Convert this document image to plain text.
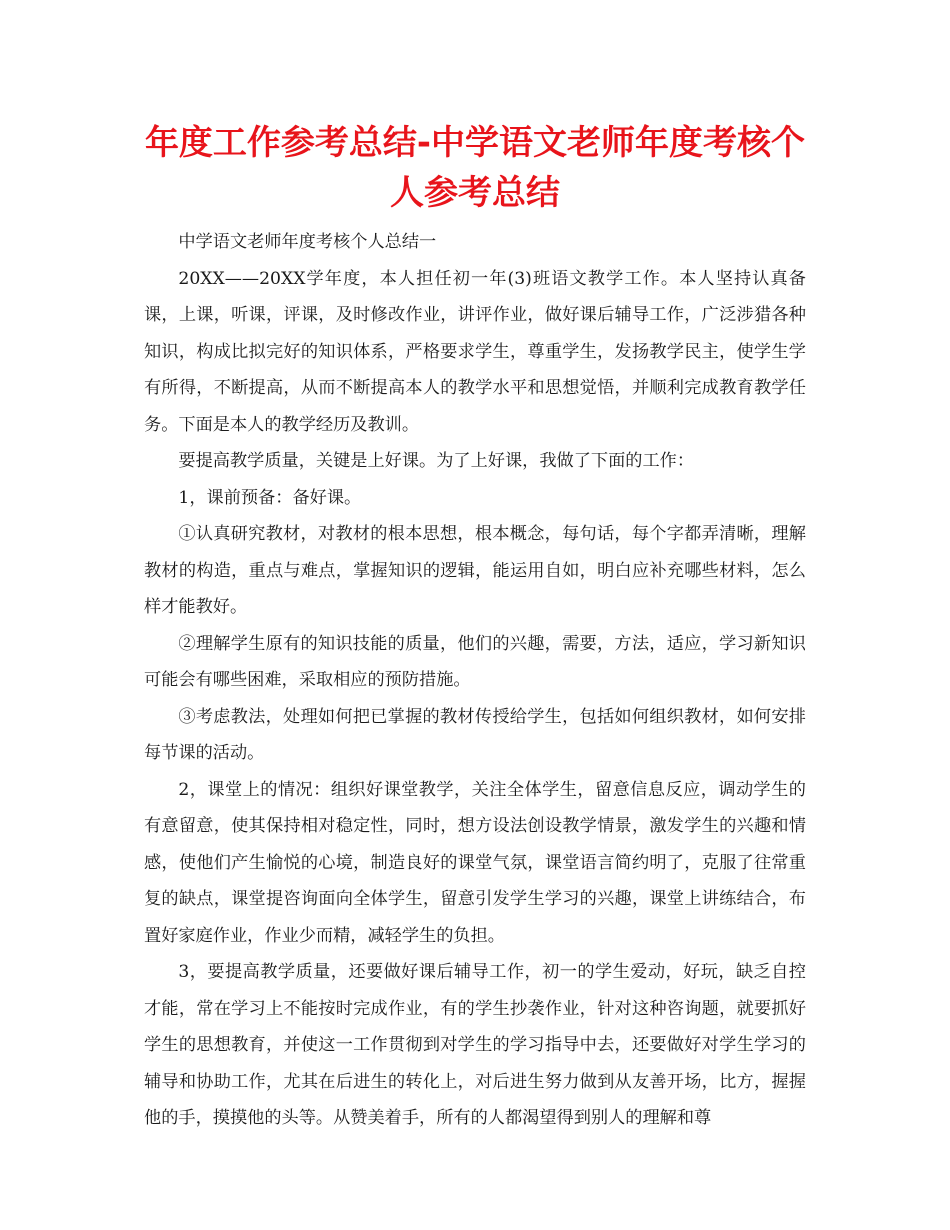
年度工作参考总结-中学语文老师年度考核个人参考总结

中学语文老师年度考核个人总结一

20XX——20XX学年度，本人担任初一年(3)班语文教学工作。本人坚持认真备课，上课，听课，评课，及时修改作业，讲评作业，做好课后辅导工作，广泛涉猎各种知识，构成比拟完好的知识体系，严格要求学生，尊重学生，发扬教学民主，使学生学有所得，不断提高，从而不断提高本人的教学水平和思想觉悟，并顺利完成教育教学任务。下面是本人的教学经历及教训。

要提高教学质量，关键是上好课。为了上好课，我做了下面的工作：

1，课前预备：备好课。

①认真研究教材，对教材的根本思想，根本概念，每句话，每个字都弄清晰，理解教材的构造，重点与难点，掌握知识的逻辑，能运用自如，明白应补充哪些材料，怎么样才能教好。

②理解学生原有的知识技能的质量，他们的兴趣，需要，方法，适应，学习新知识可能会有哪些困难，采取相应的预防措施。

③考虑教法，处理如何把已掌握的教材传授给学生，包括如何组织教材，如何安排每节课的活动。

2，课堂上的情况：组织好课堂教学，关注全体学生，留意信息反应，调动学生的有意留意，使其保持相对稳定性，同时，想方设法创设教学情景，激发学生的兴趣和情感，使他们产生愉悦的心境，制造良好的课堂气氛，课堂语言简约明了，克服了往常重复的缺点，课堂提咨询面向全体学生，留意引发学生学习的兴趣，课堂上讲练结合，布置好家庭作业，作业少而精，减轻学生的负担。

3，要提高教学质量，还要做好课后辅导工作，初一的学生爱动，好玩，缺乏自控才能，常在学习上不能按时完成作业，有的学生抄袭作业，针对这种咨询题，就要抓好学生的思想教育，并使这一工作贯彻到对学生的学习指导中去，还要做好对学生学习的辅导和协助工作，尤其在后进生的转化上，对后进生努力做到从友善开场，比方，握握他的手，摸摸他的头等。从赞美着手，所有的人都渴望得到别人的理解和尊
